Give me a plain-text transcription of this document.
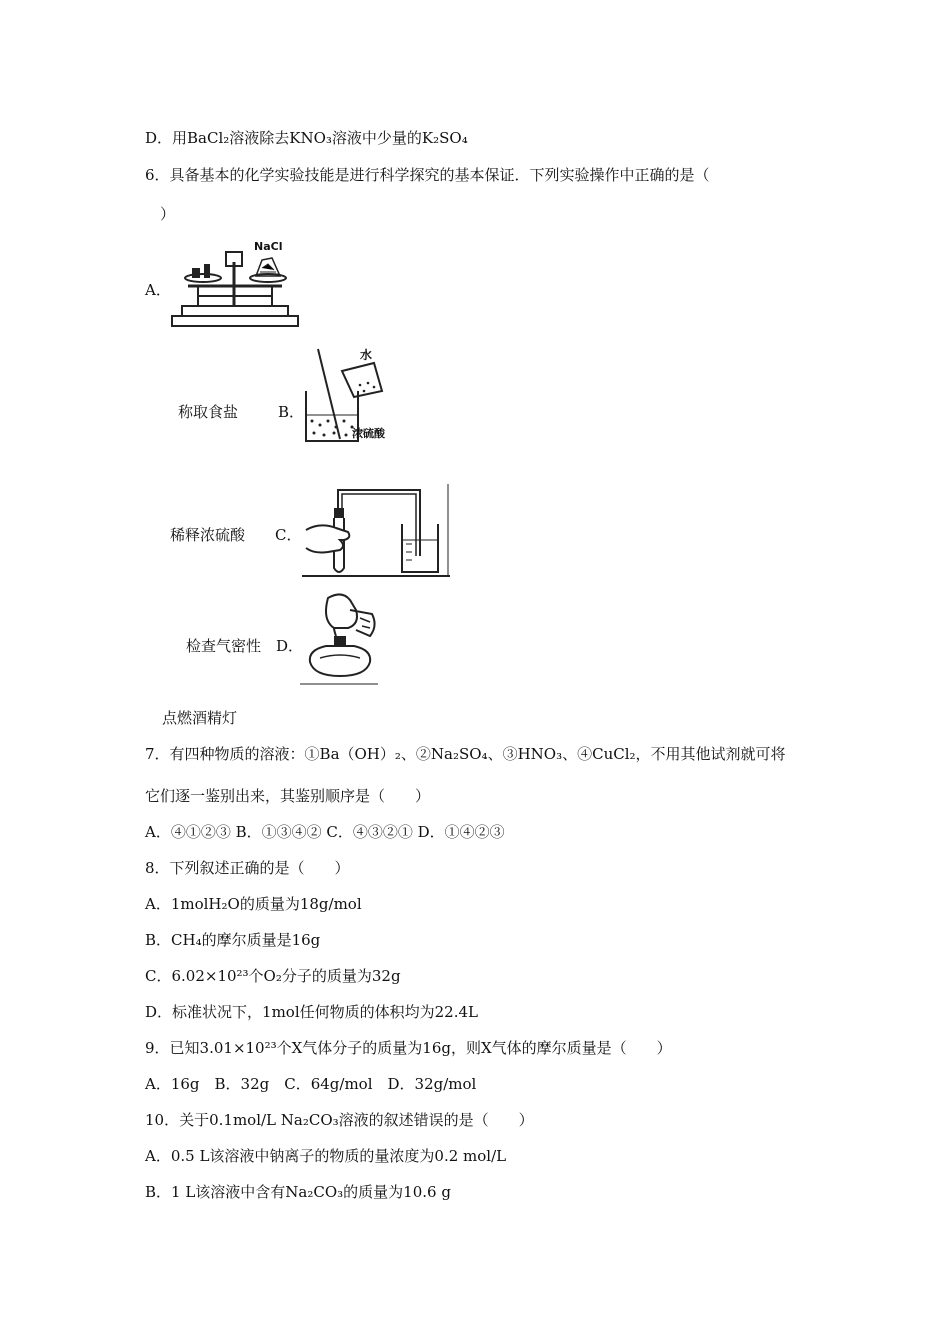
D．用BaCl₂溶液除去KNO₃溶液中少量的K₂SO₄
6．具备基本的化学实验技能是进行科学探究的基本保证．下列实验操作中正确的是（
）
A．
NaCl
称取食盐	B．
水
浓硫酸
稀释浓硫酸 C．
检查气密性 D．
点燃酒精灯
7．有四种物质的溶液：①Ba（OH）₂、②Na₂SO₄、③HNO₃、④CuCl₂，不用其他试剂就可将
它们逐一鉴别出来，其鉴别顺序是（　　）
A．④①②③ B．①③④② C．④③②① D．①④②③
8．下列叙述正确的是（　　）
A．1molH₂O的质量为18g/mol
B．CH₄的摩尔质量是16g
C．6.02×10²³个O₂分子的质量为32g
D．标准状况下，1mol任何物质的体积均为22.4L
9．已知3.01×10²³个X气体分子的质量为16g，则X气体的摩尔质量是（　　）
A．16g　B．32g　C．64g/mol　D．32g/mol
10．关于0.1mol/L Na₂CO₃溶液的叙述错误的是（　　）
A．0.5 L该溶液中钠离子的物质的量浓度为0.2 mol/L
B．1 L该溶液中含有Na₂CO₃的质量为10.6 g
